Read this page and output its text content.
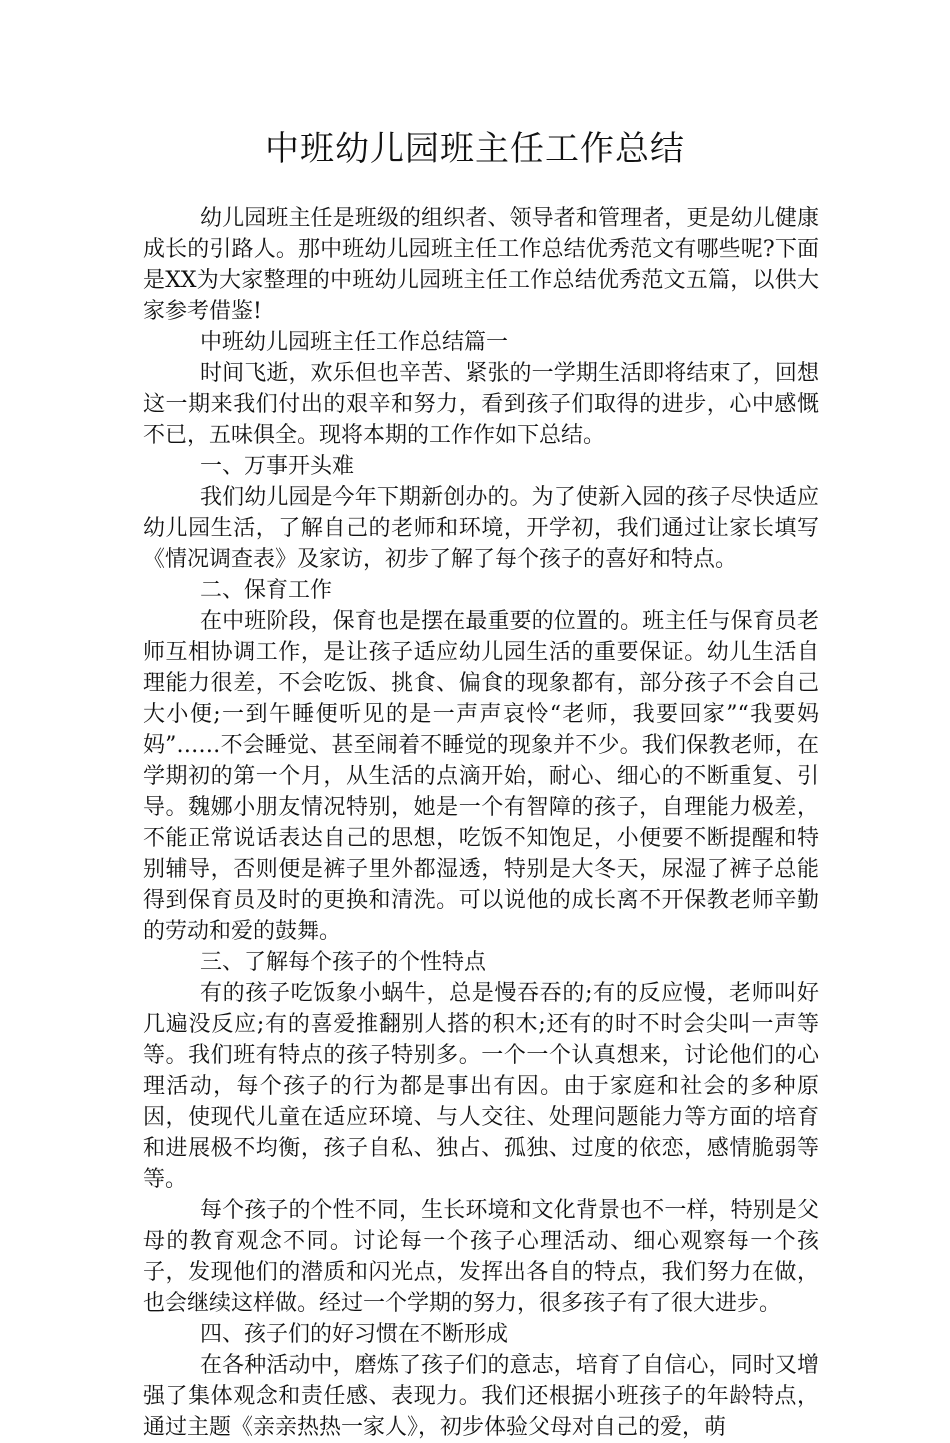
中班幼儿园班主任工作总结

幼儿园班主任是班级的组织者、领导者和管理者，更是幼儿健康成长的引路人。那中班幼儿园班主任工作总结优秀范文有哪些呢?下面是XX为大家整理的中班幼儿园班主任工作总结优秀范文五篇，以供大家参考借鉴!

中班幼儿园班主任工作总结篇一

时间飞逝，欢乐但也辛苦、紧张的一学期生活即将结束了，回想这一期来我们付出的艰辛和努力，看到孩子们取得的进步，心中感慨不已，五味俱全。现将本期的工作作如下总结。

一、万事开头难

我们幼儿园是今年下期新创办的。为了使新入园的孩子尽快适应幼儿园生活，了解自己的老师和环境，开学初，我们通过让家长填写《情况调查表》及家访，初步了解了每个孩子的喜好和特点。

二、保育工作

在中班阶段，保育也是摆在最重要的位置的。班主任与保育员老师互相协调工作，是让孩子适应幼儿园生活的重要保证。幼儿生活自理能力很差，不会吃饭、挑食、偏食的现象都有，部分孩子不会自己大小便;一到午睡便听见的是一声声哀怜“老师，我要回家”“我要妈妈”……不会睡觉、甚至闹着不睡觉的现象并不少。我们保教老师，在学期初的第一个月，从生活的点滴开始，耐心、细心的不断重复、引导。魏娜小朋友情况特别，她是一个有智障的孩子，自理能力极差，不能正常说话表达自己的思想，吃饭不知饱足，小便要不断提醒和特别辅导，否则便是裤子里外都湿透，特别是大冬天，尿湿了裤子总能得到保育员及时的更换和清洗。可以说他的成长离不开保教老师辛勤的劳动和爱的鼓舞。

三、了解每个孩子的个性特点

有的孩子吃饭象小蜗牛，总是慢吞吞的;有的反应慢，老师叫好几遍没反应;有的喜爱推翻别人搭的积木;还有的时不时会尖叫一声等等。我们班有特点的孩子特别多。一个一个认真想来，讨论他们的心理活动，每个孩子的行为都是事出有因。由于家庭和社会的多种原因，使现代儿童在适应环境、与人交往、处理问题能力等方面的培育和进展极不均衡，孩子自私、独占、孤独、过度的依恋，感情脆弱等等。

每个孩子的个性不同，生长环境和文化背景也不一样，特别是父母的教育观念不同。讨论每一个孩子心理活动、细心观察每一个孩子，发现他们的潜质和闪光点，发挥出各自的特点，我们努力在做，也会继续这样做。经过一个学期的努力，很多孩子有了很大进步。

四、孩子们的好习惯在不断形成

在各种活动中，磨炼了孩子们的意志，培育了自信心，同时又增强了集体观念和责任感、表现力。我们还根据小班孩子的年龄特点，通过主题《亲亲热热一家人》，初步体验父母对自己的爱，萌
